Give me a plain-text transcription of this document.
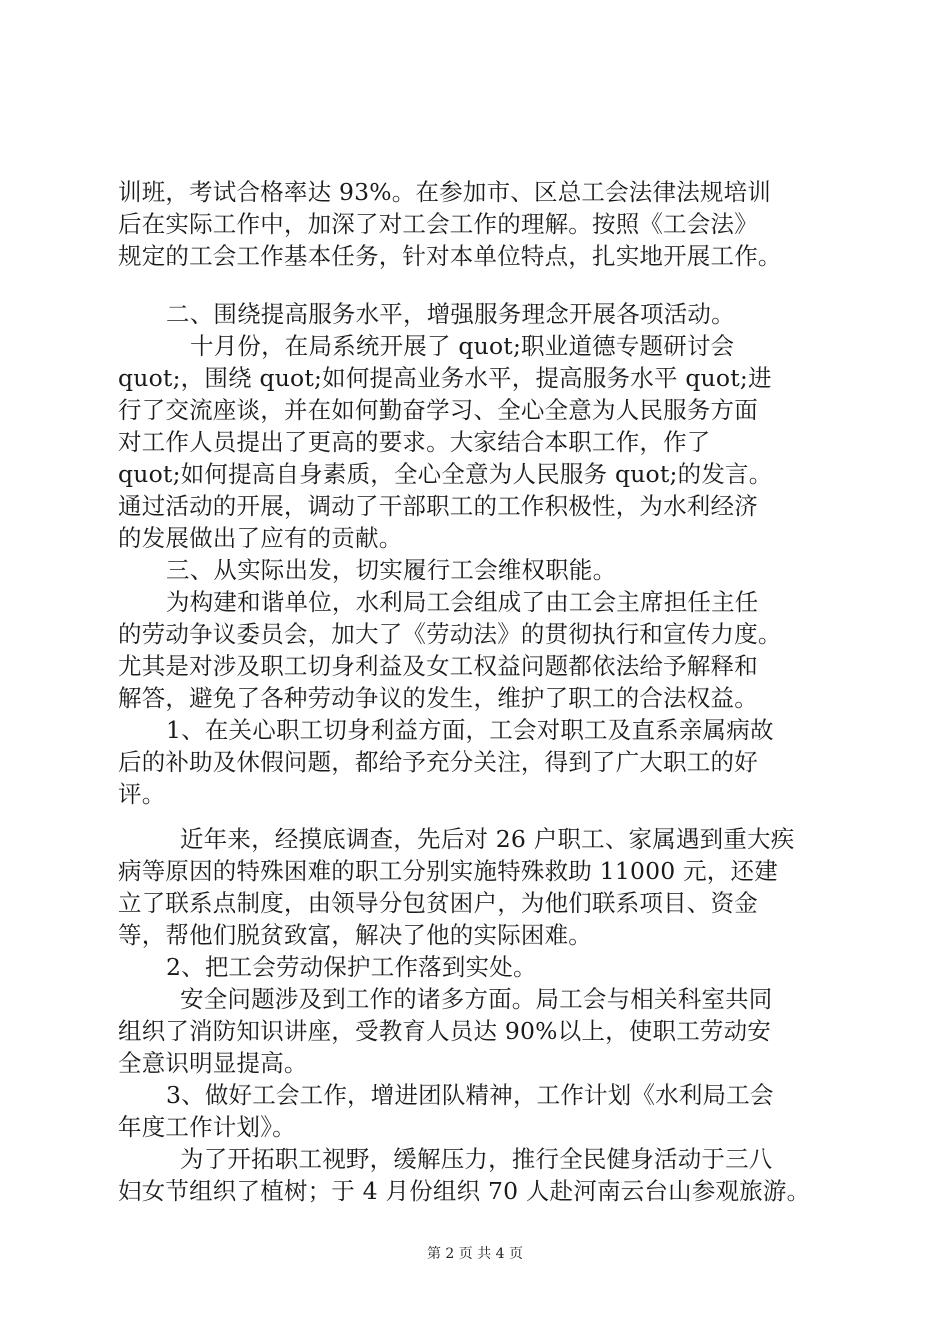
训班，考试合格率达 93%。在参加市、区总工会法律法规培训
后在实际工作中，加深了对工会工作的理解。按照《工会法》
规定的工会工作基本任务，针对本单位特点，扎实地开展工作。
二、围绕提高服务水平，增强服务理念开展各项活动。
十月份，在局系统开展了 quot;职业道德专题研讨会
quot;，围绕 quot;如何提高业务水平，提高服务水平 quot;进
行了交流座谈，并在如何勤奋学习、全心全意为人民服务方面
对工作人员提出了更高的要求。大家结合本职工作，作了
quot;如何提高自身素质，全心全意为人民服务 quot;的发言。
通过活动的开展，调动了干部职工的工作积极性，为水利经济
的发展做出了应有的贡献。
三、从实际出发，切实履行工会维权职能。
为构建和谐单位，水利局工会组成了由工会主席担任主任
的劳动争议委员会，加大了《劳动法》的贯彻执行和宣传力度。
尤其是对涉及职工切身利益及女工权益问题都依法给予解释和
解答，避免了各种劳动争议的发生，维护了职工的合法权益。
1、在关心职工切身利益方面，工会对职工及直系亲属病故
后的补助及休假问题，都给予充分关注，得到了广大职工的好
评。
近年来，经摸底调查，先后对 26 户职工、家属遇到重大疾
病等原因的特殊困难的职工分别实施特殊救助 11000 元，还建
立了联系点制度，由领导分包贫困户，为他们联系项目、资金
等，帮他们脱贫致富，解决了他的实际困难。
2、把工会劳动保护工作落到实处。
安全问题涉及到工作的诸多方面。局工会与相关科室共同
组织了消防知识讲座，受教育人员达 90%以上，使职工劳动安
全意识明显提高。
3、做好工会工作，增进团队精神，工作计划《水利局工会
年度工作计划》。
为了开拓职工视野，缓解压力，推行全民健身活动于三八
妇女节组织了植树；于 4 月份组织 70 人赴河南云台山参观旅游。
第 2 页 共 4 页
